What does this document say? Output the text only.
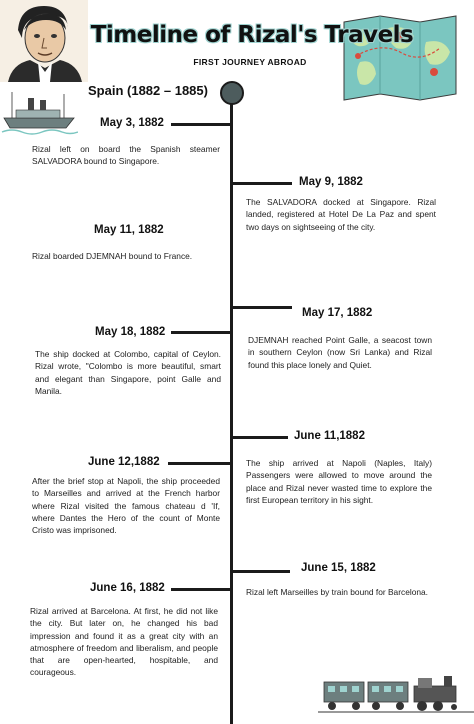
Timeline of Rizal's Travels
FIRST JOURNEY ABROAD
Spain (1882 – 1885)
May 3, 1882
Rizal left on board the Spanish steamer SALVADORA bound to Singapore.
May 9, 1882
The SALVADORA docked at Singapore. Rizal landed, registered at Hotel De La Paz and spent two days on sightseeing of the city.
May 11, 1882
Rizal boarded DJEMNAH bound to France.
May 17, 1882
DJEMNAH reached Point Galle, a seacost town in southern Ceylon (now Sri Lanka) and Rizal found this place lonely and Quiet.
May 18, 1882
The ship docked at Colombo, capital of Ceylon. Rizal wrote, "Colombo is more beautiful, smart and elegant than Singapore, point Galle and Manila.
June 11,1882
The ship arrived at Napoli (Naples, Italy) Passengers were allowed to move around the place and Rizal never wasted time to explore the first European territory in his sight.
June 12,1882
After the brief stop at Napoli, the ship proceeded to Marseilles and arrived at the French harbor where Rizal visited the famous chateau d 'If, where Dantes the Hero of the count of Monte Cristo was imprisoned.
June 15, 1882
Rizal left Marseilles by train bound for Barcelona.
June 16, 1882
Rizal arrived at Barcelona. At first, he did not like the city. But later on, he changed his bad impression and found it as a great city with an atmosphere of freedom and liberalism, and people that are open-hearted, hospitable, and courageous.
